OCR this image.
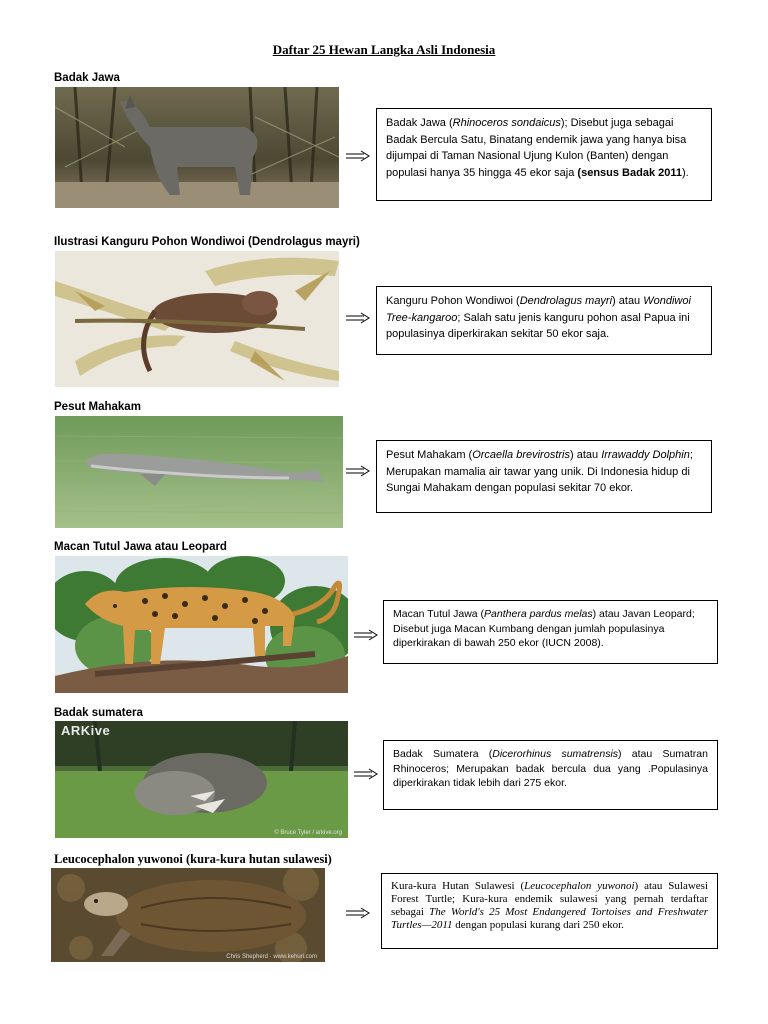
Daftar 25 Hewan Langka Asli Indonesia
Badak Jawa
Badak Jawa (Rhinoceros sondaicus); Disebut juga sebagai Badak Bercula Satu, Binatang endemik jawa yang hanya bisa dijumpai di Taman Nasional Ujung Kulon (Banten) dengan populasi hanya 35 hingga 45 ekor saja (sensus Badak 2011).
Ilustrasi Kanguru Pohon Wondiwoi (Dendrolagus mayri)
Kanguru Pohon Wondiwoi (Dendrolagus mayri) atau Wondiwoi Tree-kangaroo; Salah satu jenis kanguru pohon asal Papua ini populasinya diperkirakan sekitar 50 ekor saja.
Pesut Mahakam
Pesut Mahakam (Orcaella brevirostris) atau Irrawaddy Dolphin; Merupakan mamalia air tawar yang unik. Di Indonesia hidup di Sungai Mahakam dengan populasi sekitar 70 ekor.
Macan Tutul Jawa atau Leopard
Macan Tutul Jawa (Panthera pardus melas) atau Javan Leopard; Disebut juga Macan Kumbang dengan jumlah populasinya diperkirakan di bawah 250 ekor (IUCN 2008).
Badak sumatera
ARKive
© Bruce Tyler / arkive.org
Badak Sumatera (Dicerorhinus sumatrensis) atau Sumatran Rhinoceros; Merupakan badak bercula dua yang .Populasinya diperkirakan tidak lebih dari 275 ekor.
Leucocephalon yuwonoi (kura-kura hutan sulawesi)
Chris Shepherd · www.kehuri.com
Kura-kura Hutan Sulawesi (Leucocephalon yuwonoi) atau Sulawesi Forest Turtle; Kura-kura endemik sulawesi yang pernah terdaftar sebagai The World's 25 Most Endangered Tortoises and Freshwater Turtles—2011 dengan populasi kurang dari 250 ekor.
